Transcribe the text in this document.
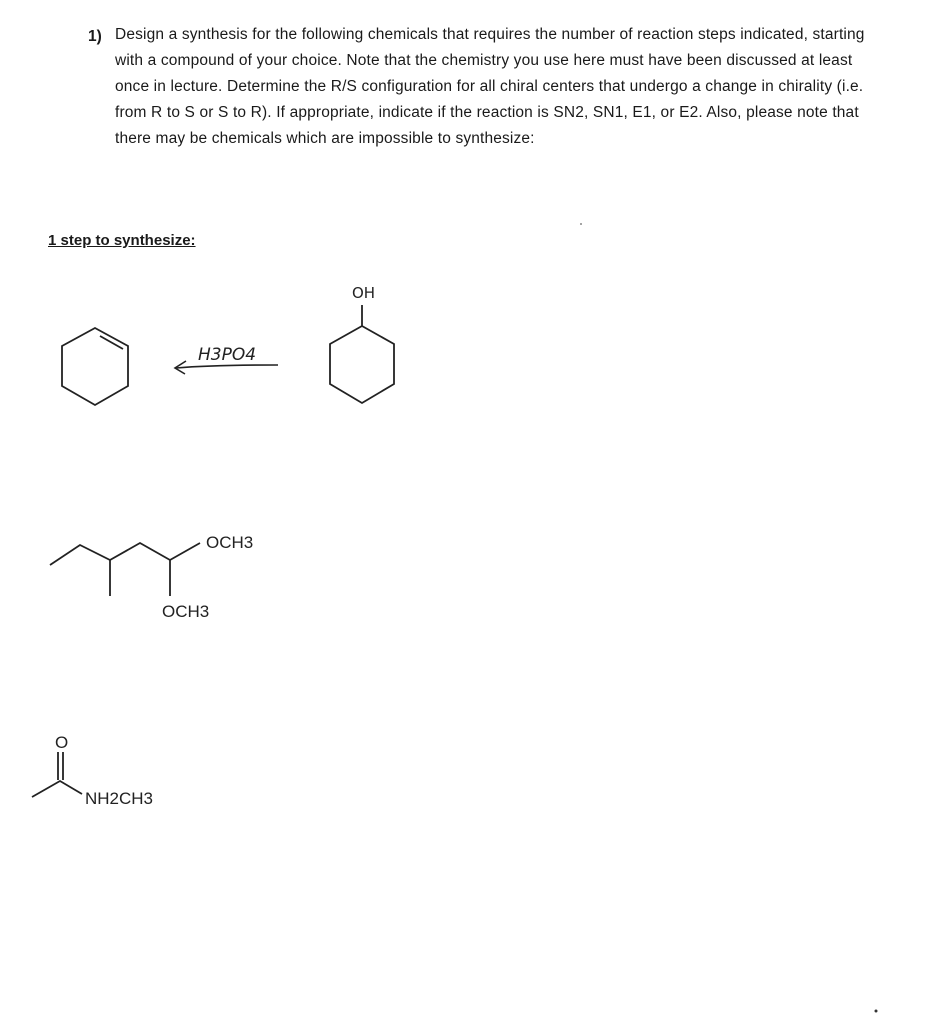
1) Design a synthesis for the following chemicals that requires the number of reaction steps indicated, starting with a compound of your choice. Note that the chemistry you use here must have been discussed at least once in lecture. Determine the R/S configuration for all chiral centers that undergo a change in chirality (i.e. from R to S or S to R). If appropriate, indicate if the reaction is SN2, SN1, E1, or E2. Also, please note that there may be chemicals which are impossible to synthesize:
1 step to synthesize:
H3PO4
OH
OCH3
OCH3
O
NH2CH3
